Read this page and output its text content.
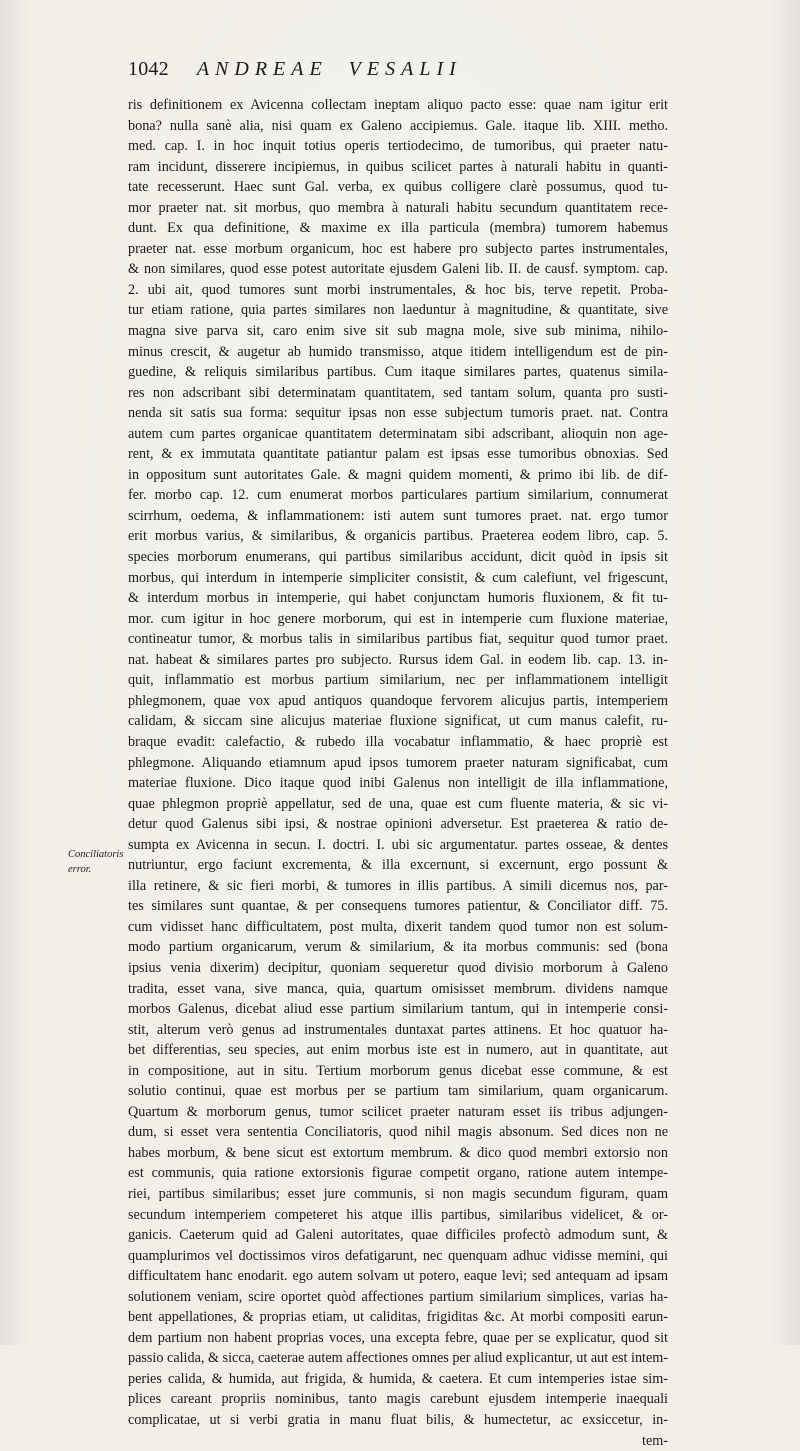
1042 ANDREAE VESALII
Conciliatoris
error.
ris definitionem ex Avicenna collectam ineptam aliquo pacto esse: quae nam igitur erit
bona? nulla sanè alia, nisi quam ex Galeno accipiemus. Gale. itaque lib. XIII. metho.
med. cap. I. in hoc inquit totius operis tertiodecimo, de tumoribus, qui praeter natu-
ram incidunt, disserere incipiemus, in quibus scilicet partes à naturali habitu in quanti-
tate recesserunt. Haec sunt Gal. verba, ex quibus colligere clarè possumus, quod tu-
mor praeter nat. sit morbus, quo membra à naturali habitu secundum quantitatem rece-
dunt. Ex qua definitione, & maxime ex illa particula (membra) tumorem habemus
praeter nat. esse morbum organicum, hoc est habere pro subjecto partes instrumentales,
& non similares, quod esse potest autoritate ejusdem Galeni lib. II. de causf. symptom. cap.
2. ubi ait, quod tumores sunt morbi instrumentales, & hoc bis, terve repetit. Proba-
tur etiam ratione, quia partes similares non laeduntur à magnitudine, & quantitate, sive
magna sive parva sit, caro enim sive sit sub magna mole, sive sub minima, nihilo-
minus crescit, & augetur ab humido transmisso, atque itidem intelligendum est de pin-
guedine, & reliquis similaribus partibus. Cum itaque similares partes, quatenus simila-
res non adscribant sibi determinatam quantitatem, sed tantam solum, quanta pro susti-
nenda sit satis sua forma: sequitur ipsas non esse subjectum tumoris praet. nat. Contra
autem cum partes organicae quantitatem determinatam sibi adscribant, alioquin non age-
rent, & ex immutata quantitate patiantur palam est ipsas esse tumoribus obnoxias. Sed
in oppositum sunt autoritates Gale. & magni quidem momenti, & primo ibi lib. de dif-
fer. morbo cap. 12. cum enumerat morbos particulares partium similarium, connumerat
scirrhum, oedema, & inflammationem: isti autem sunt tumores praet. nat. ergo tumor
erit morbus varius, & similaribus, & organicis partibus. Praeterea eodem libro, cap. 5.
species morborum enumerans, qui partibus similaribus accidunt, dicit quòd in ipsis sit
morbus, qui interdum in intemperie simpliciter consistit, & cum calefiunt, vel frigescunt,
& interdum morbus in intemperie, qui habet conjunctam humoris fluxionem, & fit tu-
mor. cum igitur in hoc genere morborum, qui est in intemperie cum fluxione materiae,
contineatur tumor, & morbus talis in similaribus partibus fiat, sequitur quod tumor praet.
nat. habeat & similares partes pro subjecto. Rursus idem Gal. in eodem lib. cap. 13. in-
quit, inflammatio est morbus partium similarium, nec per inflammationem intelligit
phlegmonem, quae vox apud antiquos quandoque fervorem alicujus partis, intemperiem
calidam, & siccam sine alicujus materiae fluxione significat, ut cum manus calefit, ru-
braque evadit: calefactio, & rubedo illa vocabatur inflammatio, & haec propriè est
phlegmone. Aliquando etiamnum apud ipsos tumorem praeter naturam significabat, cum
materiae fluxione. Dico itaque quod inibi Galenus non intelligit de illa inflammatione,
quae phlegmon propriè appellatur, sed de una, quae est cum fluente materia, & sic vi-
detur quod Galenus sibi ipsi, & nostrae opinioni adversetur. Est praeterea & ratio de-
sumpta ex Avicenna in secun. I. doctri. I. ubi sic argumentatur. partes osseae, & dentes
nutriuntur, ergo faciunt excrementa, & illa excernunt, si excernunt, ergo possunt &
illa retinere, & sic fieri morbi, & tumores in illis partibus. A simili dicemus nos, par-
tes similares sunt quantae, & per consequens tumores patientur, & Conciliator diff. 75.
cum vidisset hanc difficultatem, post multa, dixerit tandem quod tumor non est solum-
modo partium organicarum, verum & similarium, & ita morbus communis: sed (bona
ipsius venia dixerim) decipitur, quoniam sequeretur quod divisio morborum à Galeno
tradita, esset vana, sive manca, quia, quartum omisisset membrum. dividens namque
morbos Galenus, dicebat aliud esse partium similarium tantum, qui in intemperie consi-
stit, alterum verò genus ad instrumentales duntaxat partes attinens. Et hoc quatuor ha-
bet differentias, seu species, aut enim morbus iste est in numero, aut in quantitate, aut
in compositione, aut in situ. Tertium morborum genus dicebat esse commune, & est
solutio continui, quae est morbus per se partium tam similarium, quam organicarum.
Quartum & morborum genus, tumor scilicet praeter naturam esset iis tribus adjungen-
dum, si esset vera sententia Conciliatoris, quod nihil magis absonum. Sed dices non ne
habes morbum, & bene sicut est extortum membrum. & dico quod membri extorsio non
est communis, quia ratione extorsionis figurae competit organo, ratione autem intempe-
riei, partibus similaribus; esset jure communis, si non magis secundum figuram, quam
secundum intemperiem competeret his atque illis partibus, similaribus videlicet, & or-
ganicis. Caeterum quid ad Galeni autoritates, quae difficiles profectò admodum sunt, &
quamplurimos vel doctissimos viros defatigarunt, nec quenquam adhuc vidisse memini, qui
difficultatem hanc enodarit. ego autem solvam ut potero, eaque levi; sed antequam ad ipsam
solutionem veniam, scire oportet quòd affectiones partium similarium simplices, varias ha-
bent appellationes, & proprias etiam, ut caliditas, frigiditas &c. At morbi compositi earun-
dem partium non habent proprias voces, una excepta febre, quae per se explicatur, quod sit
passio calida, & sicca, caeterae autem affectiones omnes per aliud explicantur, ut aut est intem-
peries calida, & humida, aut frigida, & humida, & caetera. Et cum intemperies istae sim-
plices careant propriis nominibus, tanto magis carebunt ejusdem intemperie inaequali
complicatae, ut si verbi gratia in manu fluat bilis, & humectetur, ac exsiccetur, in-
tem-
